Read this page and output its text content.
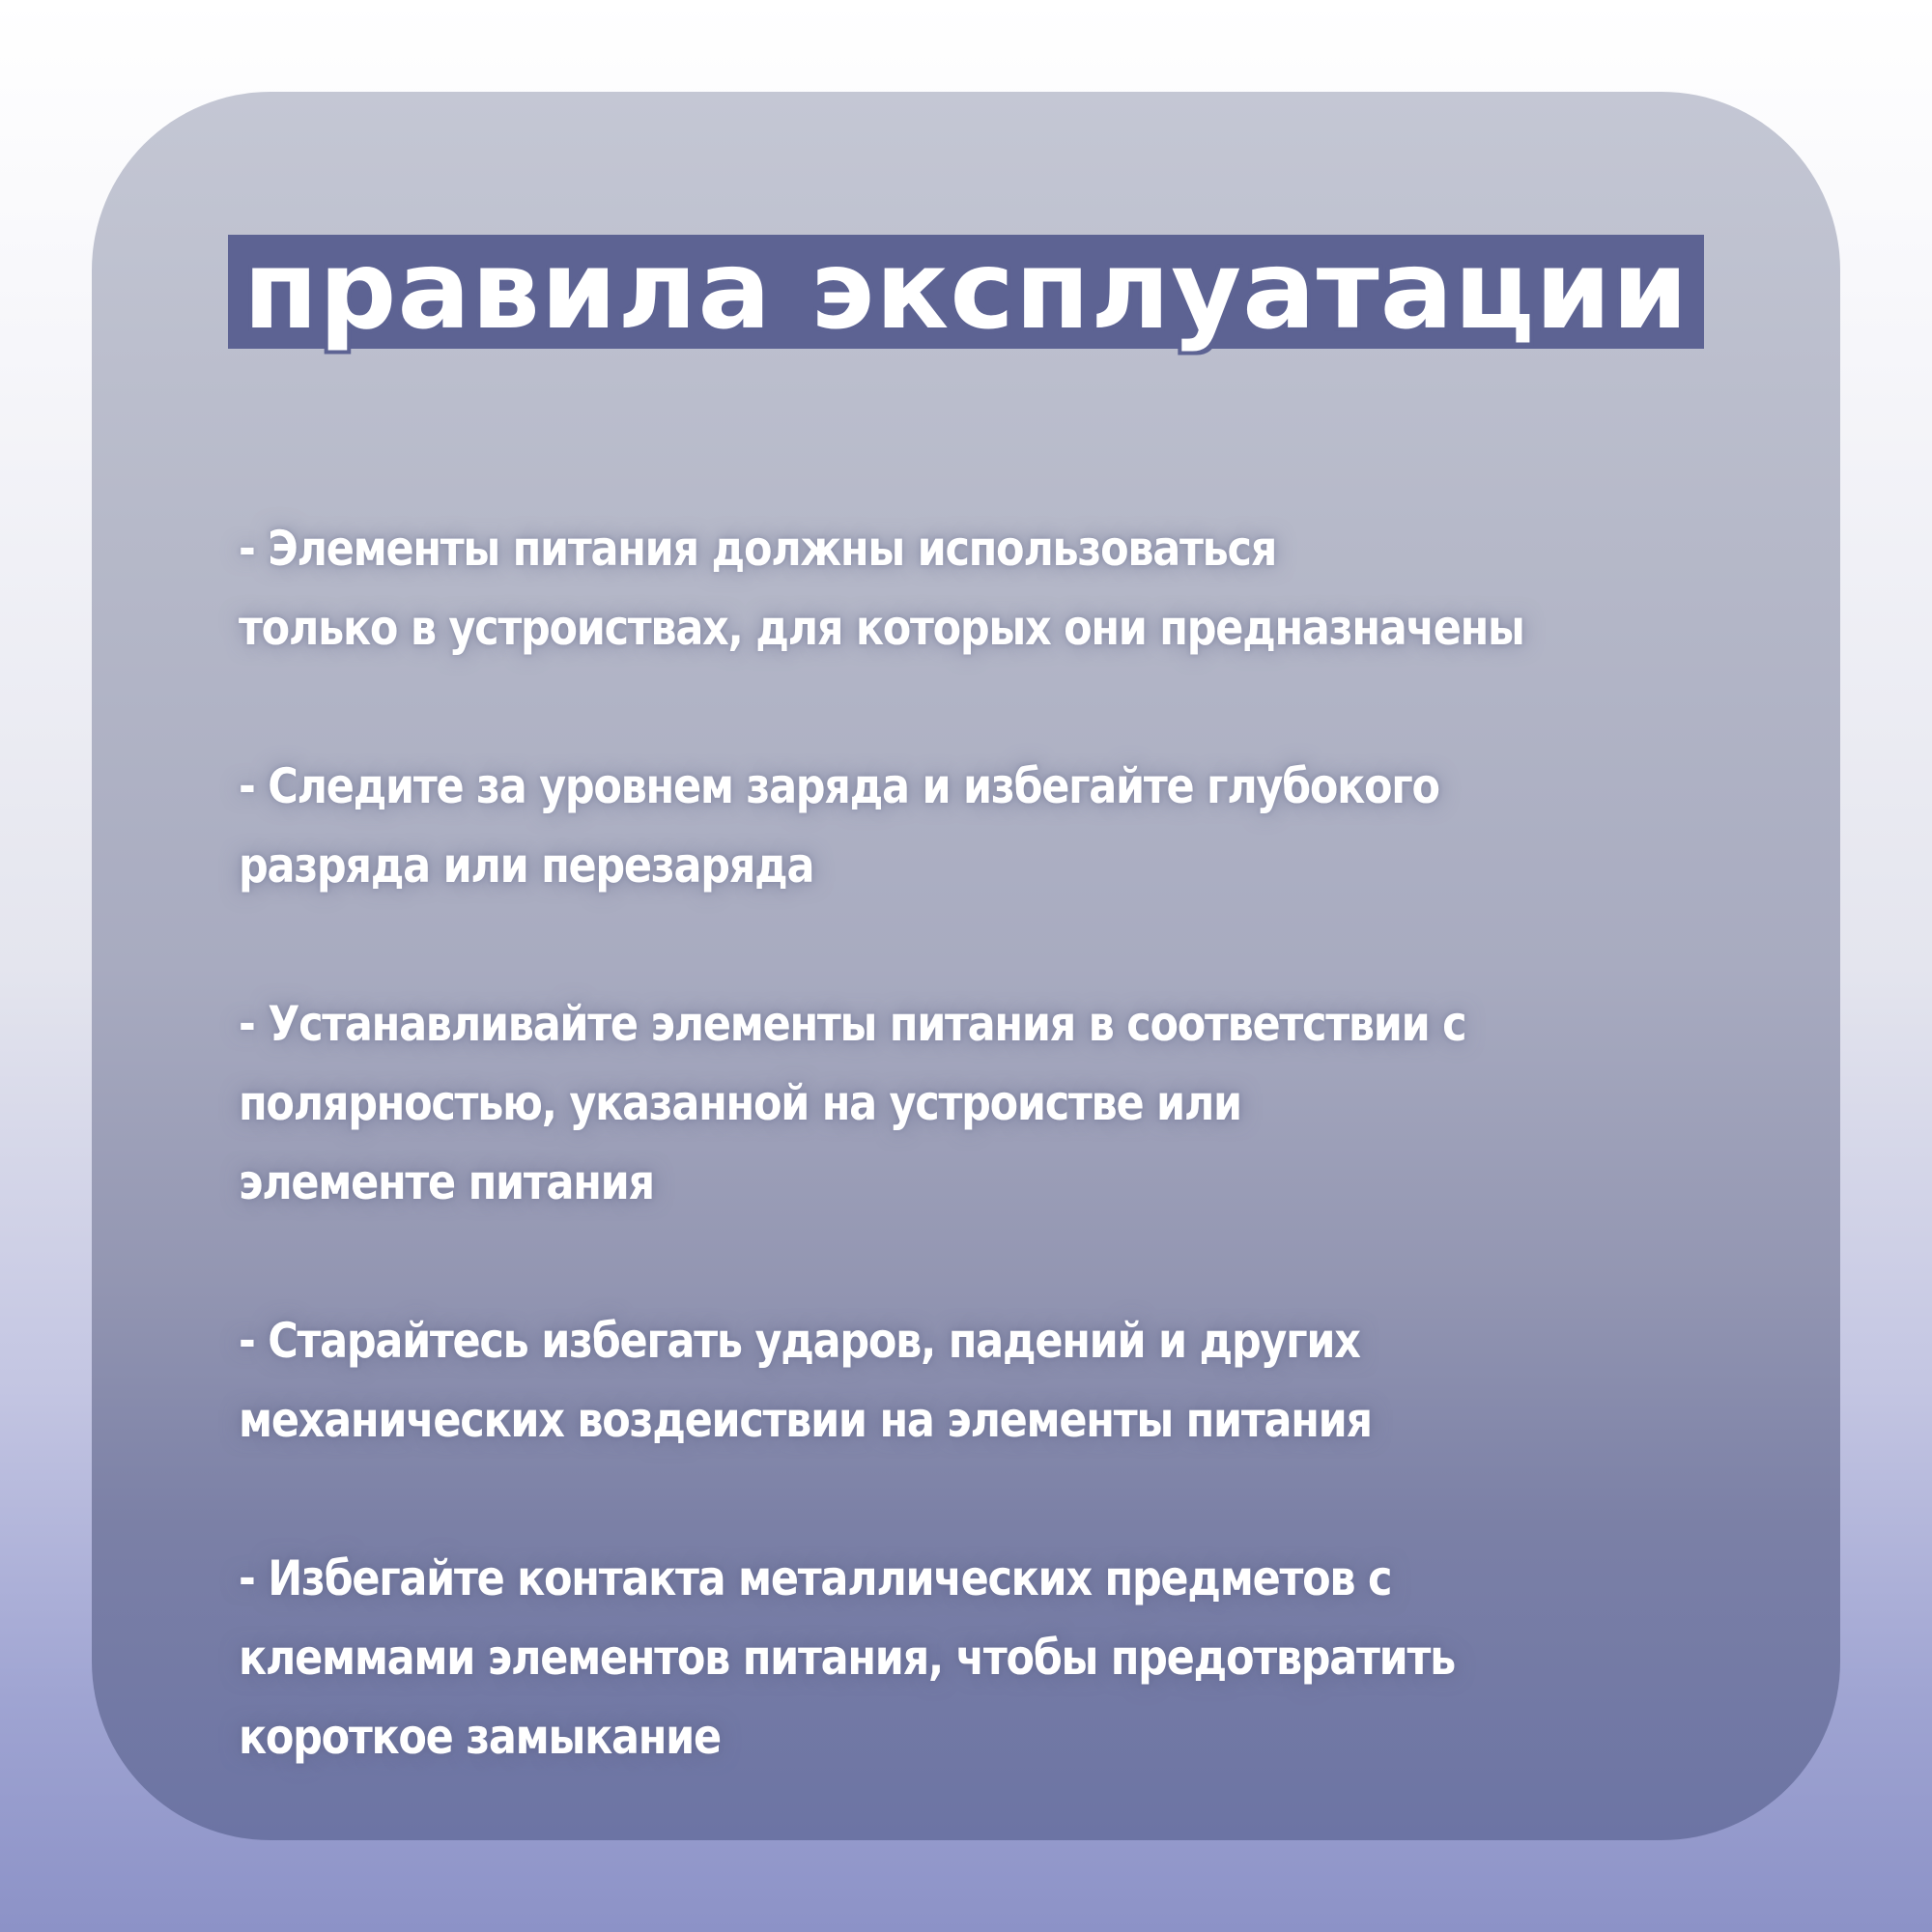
правила эксплуатации
- Элементы питания должны использоваться
только в устроиствах, для которых они предназначены
- Следите за уровнем заряда и избегайте глубокого
разряда или перезаряда
- Устанавливайте элементы питания в соответствии с
полярностью, указанной на устроистве или
элементе питания
- Старайтесь избегать ударов, падений и других
механических воздеиствии на элементы питания
- Избегайте контакта металлических предметов с
клеммами элементов питания, чтобы предотвратить
короткое замыкание
